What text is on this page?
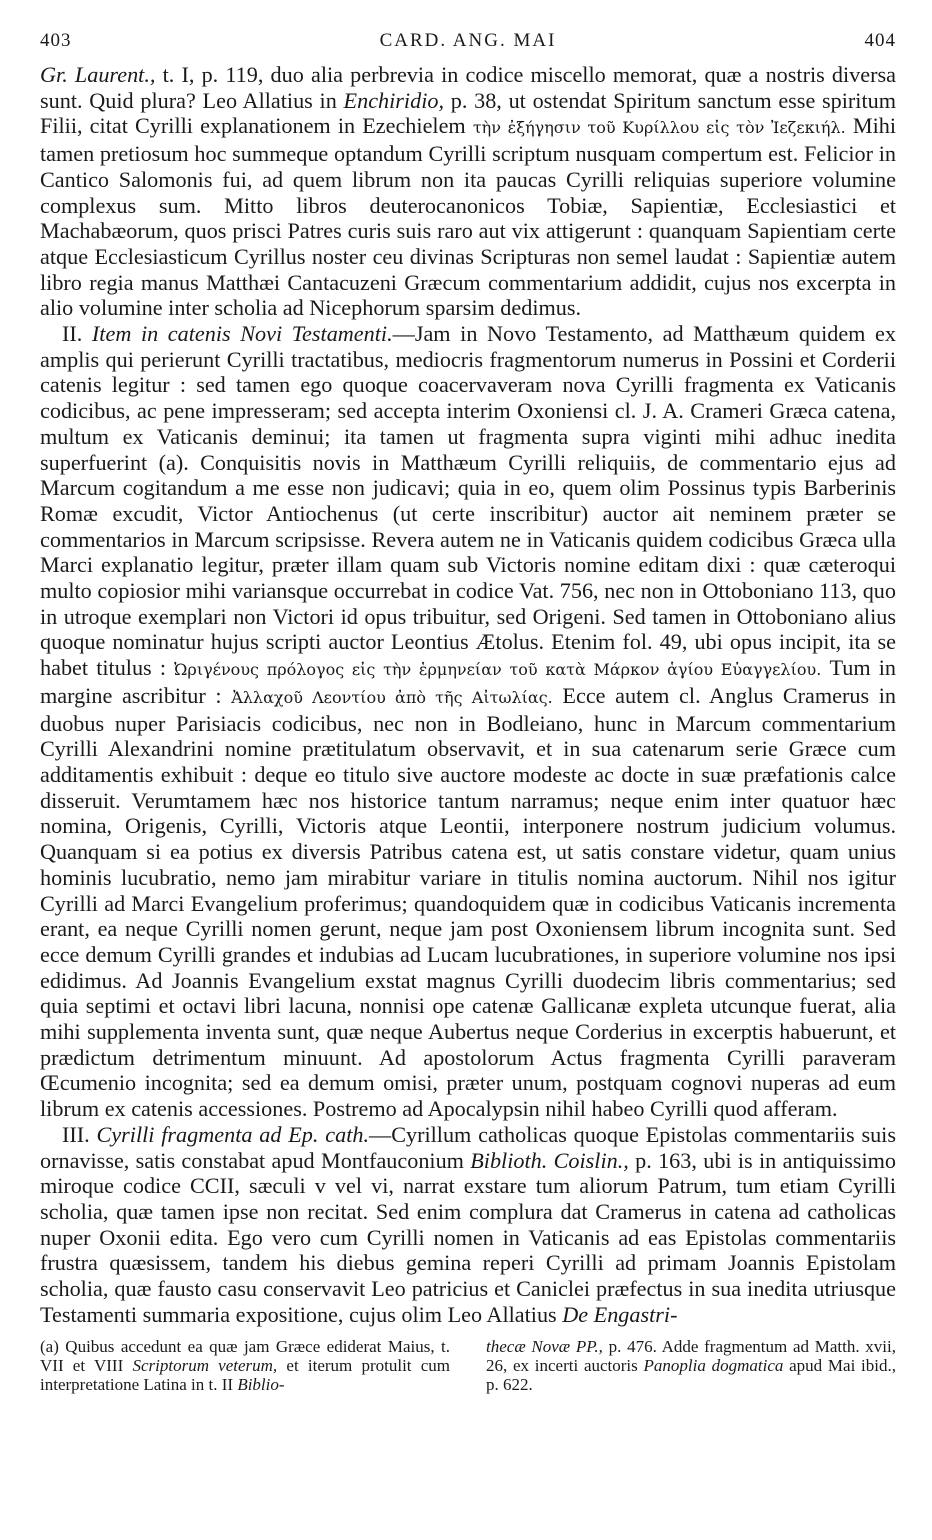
403	CARD. ANG. MAI	404

Gr. Laurent., t. I, p. 119, duo alia perbrevia in codice miscello memorat, quæ a nostris diversa sunt. Quid plura? Leo Allatius in Enchiridio, p. 38, ut ostendat Spiritum sanctum esse spiritum Filii, citat Cyrilli explanationem in Ezechielem τὴν ἐξήγησιν τοῦ Κυρίλλου εἰς τὸν Ἰεζεκιήλ. Mihi tamen pretiosum hoc summeque optandum Cyrilli scriptum nusquam compertum est. Felicior in Cantico Salomonis fui, ad quem librum non ita paucas Cyrilli reliquias superiore volumine complexus sum. Mitto libros deuterocanonicos Tobiæ, Sapientiæ, Ecclesiastici et Machabæorum, quos prisci Patres curis suis raro aut vix attigerunt : quanquam Sapientiam certe atque Ecclesiasticum Cyrillus noster ceu divinas Scripturas non semel laudat : Sapientiæ autem libro regia manus Matthæi Cantacuzeni Græcum commentarium addidit, cujus nos excerpta in alio volumine inter scholia ad Nicephorum sparsim dedimus.

II. Item in catenis Novi Testamenti.—Jam in Novo Testamento, ad Matthæum quidem ex amplis qui perierunt Cyrilli tractatibus, mediocris fragmentorum numerus in Possini et Corderii catenis legitur : sed tamen ego quoque coacervaveram nova Cyrilli fragmenta ex Vaticanis codicibus, ac pene impresseram; sed accepta interim Oxoniensi cl. J. A. Crameri Græca catena, multum ex Vaticanis deminui; ita tamen ut fragmenta supra viginti mihi adhuc inedita superfuerint (a). Conquisitis novis in Matthæum Cyrilli reliquiis, de commentario ejus ad Marcum cogitandum a me esse non judicavi; quia in eo, quem olim Possinus typis Barberinis Romæ excudit, Victor Antiochenus (ut certe inscribitur) auctor ait neminem præter se commentarios in Marcum scripsisse. Revera autem ne in Vaticanis quidem codicibus Græca ulla Marci explanatio legitur, præter illam quam sub Victoris nomine editam dixi : quæ cæteroqui multo copiosior mihi variansque occurrebat in codice Vat. 756, nec non in Ottoboniano 113, quo in utroque exemplari non Victori id opus tribuitur, sed Origeni. Sed tamen in Ottoboniano alius quoque nominatur hujus scripti auctor Leontius Ætolus. Etenim fol. 49, ubi opus incipit, ita se habet titulus : Ὠριγένους πρόλογος εἰς τὴν ἑρμηνείαν τοῦ κατὰ Μάρκον ἁγίου Εὐαγγελίου. Tum in margine ascribitur : Ἀλλαχοῦ Λεοντίου ἀπὸ τῆς Αἰτωλίας. Ecce autem cl. Anglus Cramerus in duobus nuper Parisiacis codicibus, nec non in Bodleiano, hunc in Marcum commentarium Cyrilli Alexandrini nomine prætitulatum observavit, et in sua catenarum serie Græce cum additamentis exhibuit : deque eo titulo sive auctore modeste ac docte in suæ præfationis calce disseruit. Verumtamem hæc nos historice tantum narramus; neque enim inter quatuor hæc nomina, Origenis, Cyrilli, Victoris atque Leontii, interponere nostrum judicium volumus. Quanquam si ea potius ex diversis Patribus catena est, ut satis constare videtur, quam unius hominis lucubratio, nemo jam mirabitur variare in titulis nomina auctorum. Nihil nos igitur Cyrilli ad Marci Evangelium proferimus; quandoquidem quæ in codicibus Vaticanis incrementa erant, ea neque Cyrilli nomen gerunt, neque jam post Oxoniensem librum incognita sunt. Sed ecce demum Cyrilli grandes et indubias ad Lucam lucubrationes, in superiore volumine nos ipsi edidimus. Ad Joannis Evangelium exstat magnus Cyrilli duodecim libris commentarius; sed quia septimi et octavi libri lacuna, nonnisi ope catenæ Gallicanæ expleta utcunque fuerat, alia mihi supplementa inventa sunt, quæ neque Aubertus neque Corderius in excerptis habuerunt, et prædictum detrimentum minuunt. Ad apostolorum Actus fragmenta Cyrilli paraveram Œcumenio incognita; sed ea demum omisi, præter unum, postquam cognovi nuperas ad eum librum ex catenis accessiones. Postremo ad Apocalypsin nihil habeo Cyrilli quod afferam.

III. Cyrilli fragmenta ad Ep. cath.—Cyrillum catholicas quoque Epistolas commentariis suis ornavisse, satis constabat apud Montfauconium Biblioth. Coislin., p. 163, ubi is in antiquissimo miroque codice CCII, sæculi v vel vi, narrat exstare tum aliorum Patrum, tum etiam Cyrilli scholia, quæ tamen ipse non recitat. Sed enim complura dat Cramerus in catena ad catholicas nuper Oxonii edita. Ego vero cum Cyrilli nomen in Vaticanis ad eas Epistolas commentariis frustra quæsissem, tandem his diebus gemina reperi Cyrilli ad primam Joannis Epistolam scholia, quæ fausto casu conservavit Leo patricius et Caniclei præfectus in sua inedita utriusque Testamenti summaria expositione, cujus olim Leo Allatius De Engastri-

(a) Quibus accedunt ea quæ jam Græce ediderat Maius, t. VII et VIII Scriptorum veterum, et iterum protulit cum interpretatione Latina in t. II Biblio-
thecæ Novæ PP., p. 476. Adde fragmentum ad Matth. xvii, 26, ex incerti auctoris Panoplia dogmatica apud Mai ibid., p. 622.
